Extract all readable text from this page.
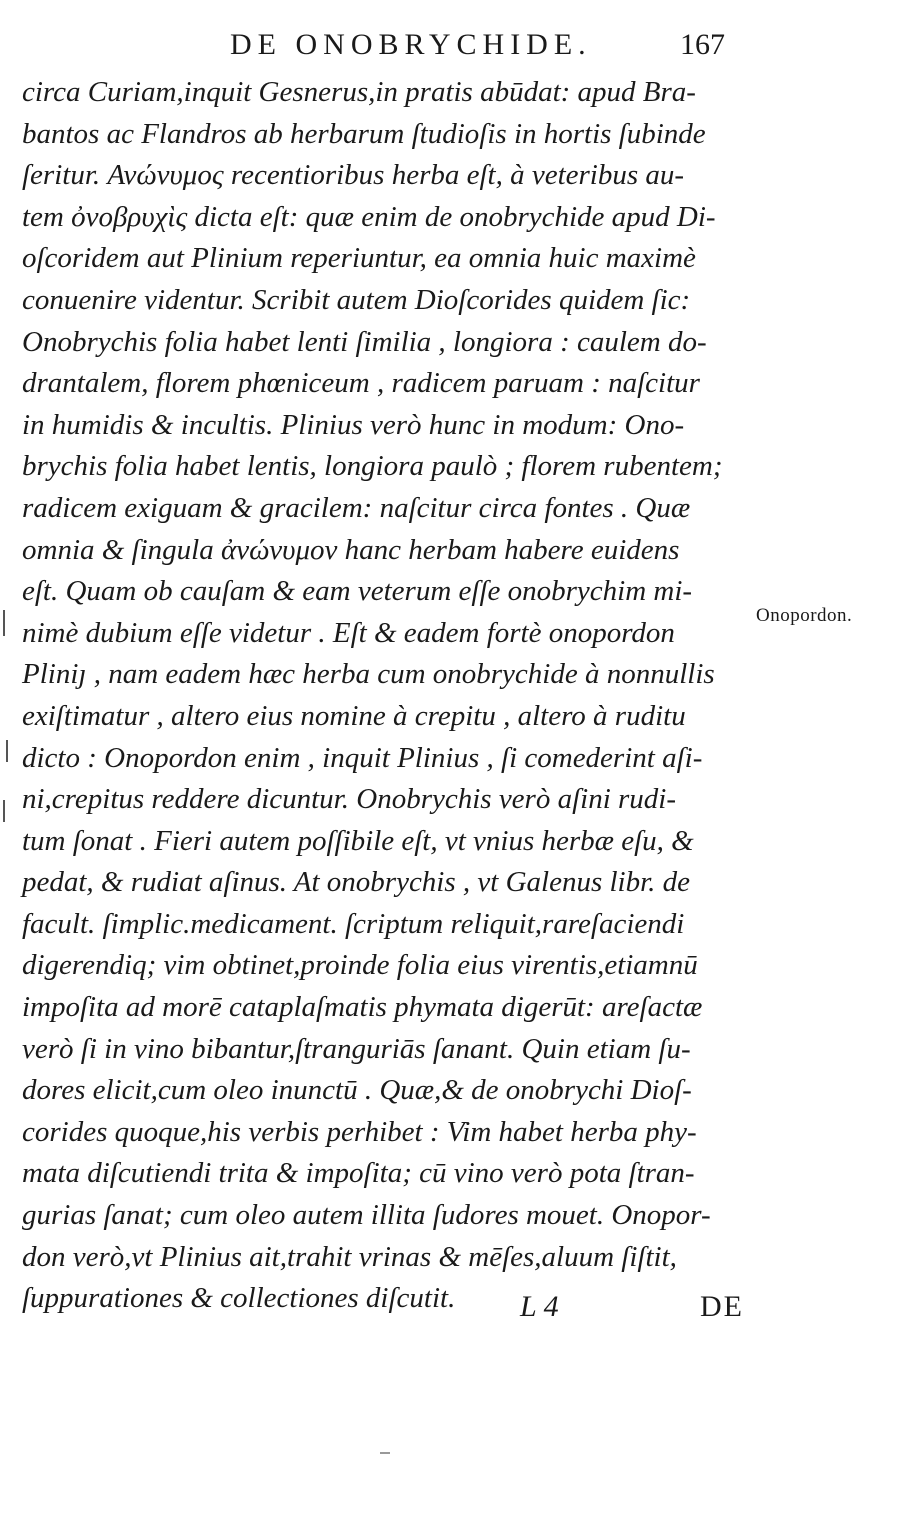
DE ONOBRYCHIDE.	167
circa Curiam,inquit Gesnerus,in pratis abūdat: apud Bra-
bantos ac Flandros ab herbarum ſtudioſis in hortis ſubinde
ſeritur. Ανώνυμος recentioribus herba eſt, à veteribus au-
tem ὀνοβρυχὶς dicta eſt: quæ enim de onobrychide apud Di-
oſcoridem aut Plinium reperiuntur, ea omnia huic maximè
conuenire videntur. Scribit autem Dioſcorides quidem ſic:
Onobrychis folia habet lenti ſimilia , longiora : caulem do-
drantalem, florem phœniceum , radicem paruam : naſcitur
in humidis & incultis. Plinius verò hunc in modum: Ono-
brychis folia habet lentis, longiora paulò ; florem rubentem;
radicem exiguam & gracilem: naſcitur circa fontes . Quæ
omnia & ſingula ἀνώνυμον hanc herbam habere euidens
eſt. Quam ob cauſam & eam veterum eſſe onobrychim mi-
nimè dubium eſſe videtur . Eſt & eadem fortè onopordon
Pliniȷ , nam eadem hæc herba cum onobrychide à nonnullis
exiſtimatur , altero eius nomine à crepitu , altero à ruditu
dicto : Onopordon enim , inquit Plinius , ſi comederint aſi-
ni,crepitus reddere dicuntur. Onobrychis verò aſini rudi-
tum ſonat . Fieri autem poſſibile eſt, vt vnius herbæ eſu, &
pedat, & rudiat aſinus. At onobrychis , vt Galenus libr. de
facult. ſimplic.medicament. ſcriptum reliquit,rareſaciendi
digerendiq; vim obtinet,proinde folia eius virentis,etiamnū
impoſita ad morē cataplaſmatis phymata digerūt: areſactæ
verò ſi in vino bibantur,ſtranguriās ſanant. Quin etiam ſu-
dores elicit,cum oleo inunctū . Quæ,& de onobrychi Dioſ-
corides quoque,his verbis perhibet : Vim habet herba phy-
mata diſcutiendi trita & impoſita; cū vino verò pota ſtran-
gurias ſanat; cum oleo autem illita ſudores mouet. Onopor-
don verò,vt Plinius ait,trahit vrinas & mēſes,aluum ſiſtit,
ſuppurationes & collectiones diſcutit.
Onopordon.
L 4	DE
